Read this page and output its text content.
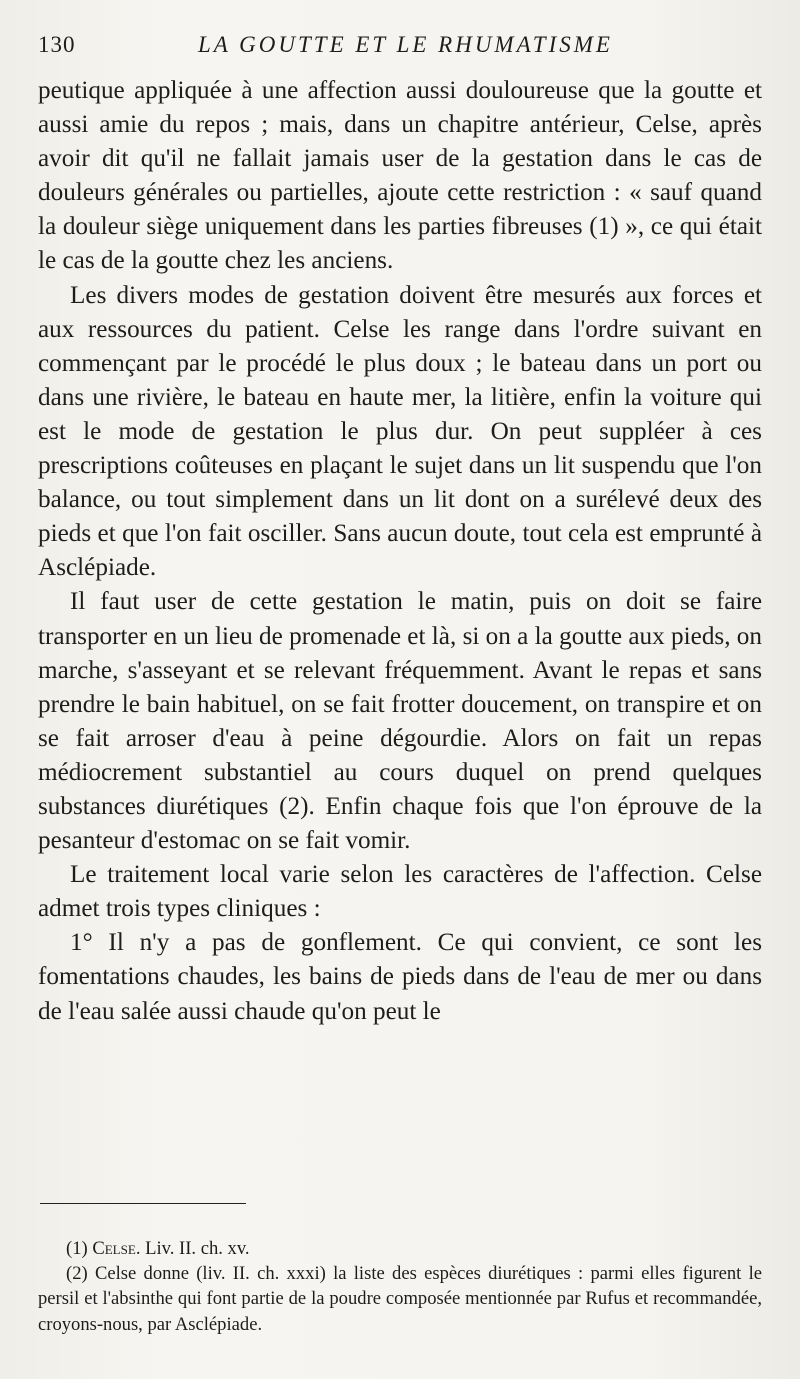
130	LA GOUTTE ET LE RHUMATISME

peutique appliquée à une affection aussi douloureuse que la goutte et aussi amie du repos ; mais, dans un chapitre antérieur, Celse, après avoir dit qu'il ne fallait jamais user de la gestation dans le cas de douleurs générales ou partielles, ajoute cette restriction : « sauf quand la douleur siège uniquement dans les parties fibreuses (1) », ce qui était le cas de la goutte chez les anciens.

Les divers modes de gestation doivent être mesurés aux forces et aux ressources du patient. Celse les range dans l'ordre suivant en commençant par le procédé le plus doux ; le bateau dans un port ou dans une rivière, le bateau en haute mer, la litière, enfin la voiture qui est le mode de gestation le plus dur. On peut suppléer à ces prescriptions coûteuses en plaçant le sujet dans un lit suspendu que l'on balance, ou tout simplement dans un lit dont on a surélevé deux des pieds et que l'on fait osciller. Sans aucun doute, tout cela est emprunté à Asclépiade.

Il faut user de cette gestation le matin, puis on doit se faire transporter en un lieu de promenade et là, si on a la goutte aux pieds, on marche, s'asseyant et se relevant fréquemment. Avant le repas et sans prendre le bain habituel, on se fait frotter doucement, on transpire et on se fait arroser d'eau à peine dégourdie. Alors on fait un repas médiocrement substantiel au cours duquel on prend quelques substances diurétiques (2). Enfin chaque fois que l'on éprouve de la pesanteur d'estomac on se fait vomir.

Le traitement local varie selon les caractères de l'affection. Celse admet trois types cliniques :

1° Il n'y a pas de gonflement. Ce qui convient, ce sont les fomentations chaudes, les bains de pieds dans de l'eau de mer ou dans de l'eau salée aussi chaude qu'on peut le

(1) Celse. Liv. II. ch. xv.

(2) Celse donne (liv. II. ch. xxxi) la liste des espèces diurétiques : parmi elles figurent le persil et l'absinthe qui font partie de la poudre composée mentionnée par Rufus et recommandée, croyons-nous, par Asclépiade.
